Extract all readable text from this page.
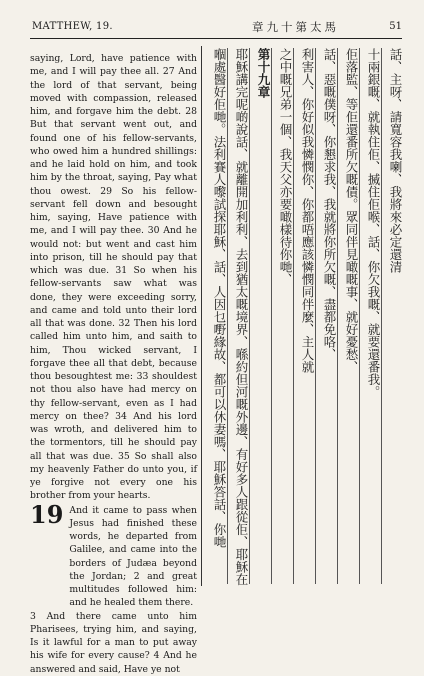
MATTHEW, 19.	章九十第太馬	51

saying, Lord, have patience with me, and I will pay thee all. 27 And the lord of that servant, being moved with compassion, released him, and forgave him the debt. 28 But that servant went out, and found one of his fellow-servants, who owed him a hundred shillings: and he laid hold on him, and took him by the throat, saying, Pay what thou owest. 29 So his fellow-servant fell down and besought him, saying, Have patience with me, and I will pay thee. 30 And he would not: but went and cast him into prison, till he should pay that which was due. 31 So when his fellow-servants saw what was done, they were exceeding sorry, and came and told unto their lord all that was done. 32 Then his lord called him unto him, and saith to him, Thou wicked servant, I forgave thee all that debt, because thou besoughtest me: 33 shouldest not thou also have had mercy on thy fellow-servant, even as I had mercy on thee? 34 And his lord was wroth, and delivered him to the tormentors, till he should pay all that was due. 35 So shall also my heavenly Father do unto you, if ye forgive not every one his brother from your hearts.

19 And it came to pass when Jesus had finished these words, he departed from Galilee, and came into the borders of Judæa beyond the Jordan; 2 and great multitudes followed him: and he healed them there.

3 And there came unto him Pharisees, trying him, and saying, Is it lawful for a man to put away his wife for every cause? 4 And he answered and said, Have ye not

話、主呀、請寬容我喇、我將來必定還清
十兩銀嘅、就執住佢、搣住佢喉、話、你欠我嘅、就要還番我。
佢落監、等佢還番所欠嘅債。眾同伴見噉嘅事、就好憂愁、
話、惡嘅僕呀、你懇求我、我就將你所欠嘅、盡都免咯、
利害人、你好似我憐憫你、你都唔應該憐憫同伴麼、主人就
之中嘅兄弟一個、我天父亦要噉樣待你哋、
第十九章
耶穌講完呢啲說話、就離開加利利、去到猶太嘅境界、喺約但河嘅外邊、有好多人跟從佢、耶穌在
嗰處醫好佢哋。法利賽人嚟試探耶穌、話、人因乜嘢緣故、都可以休妻嗎、耶穌答話、你哋
